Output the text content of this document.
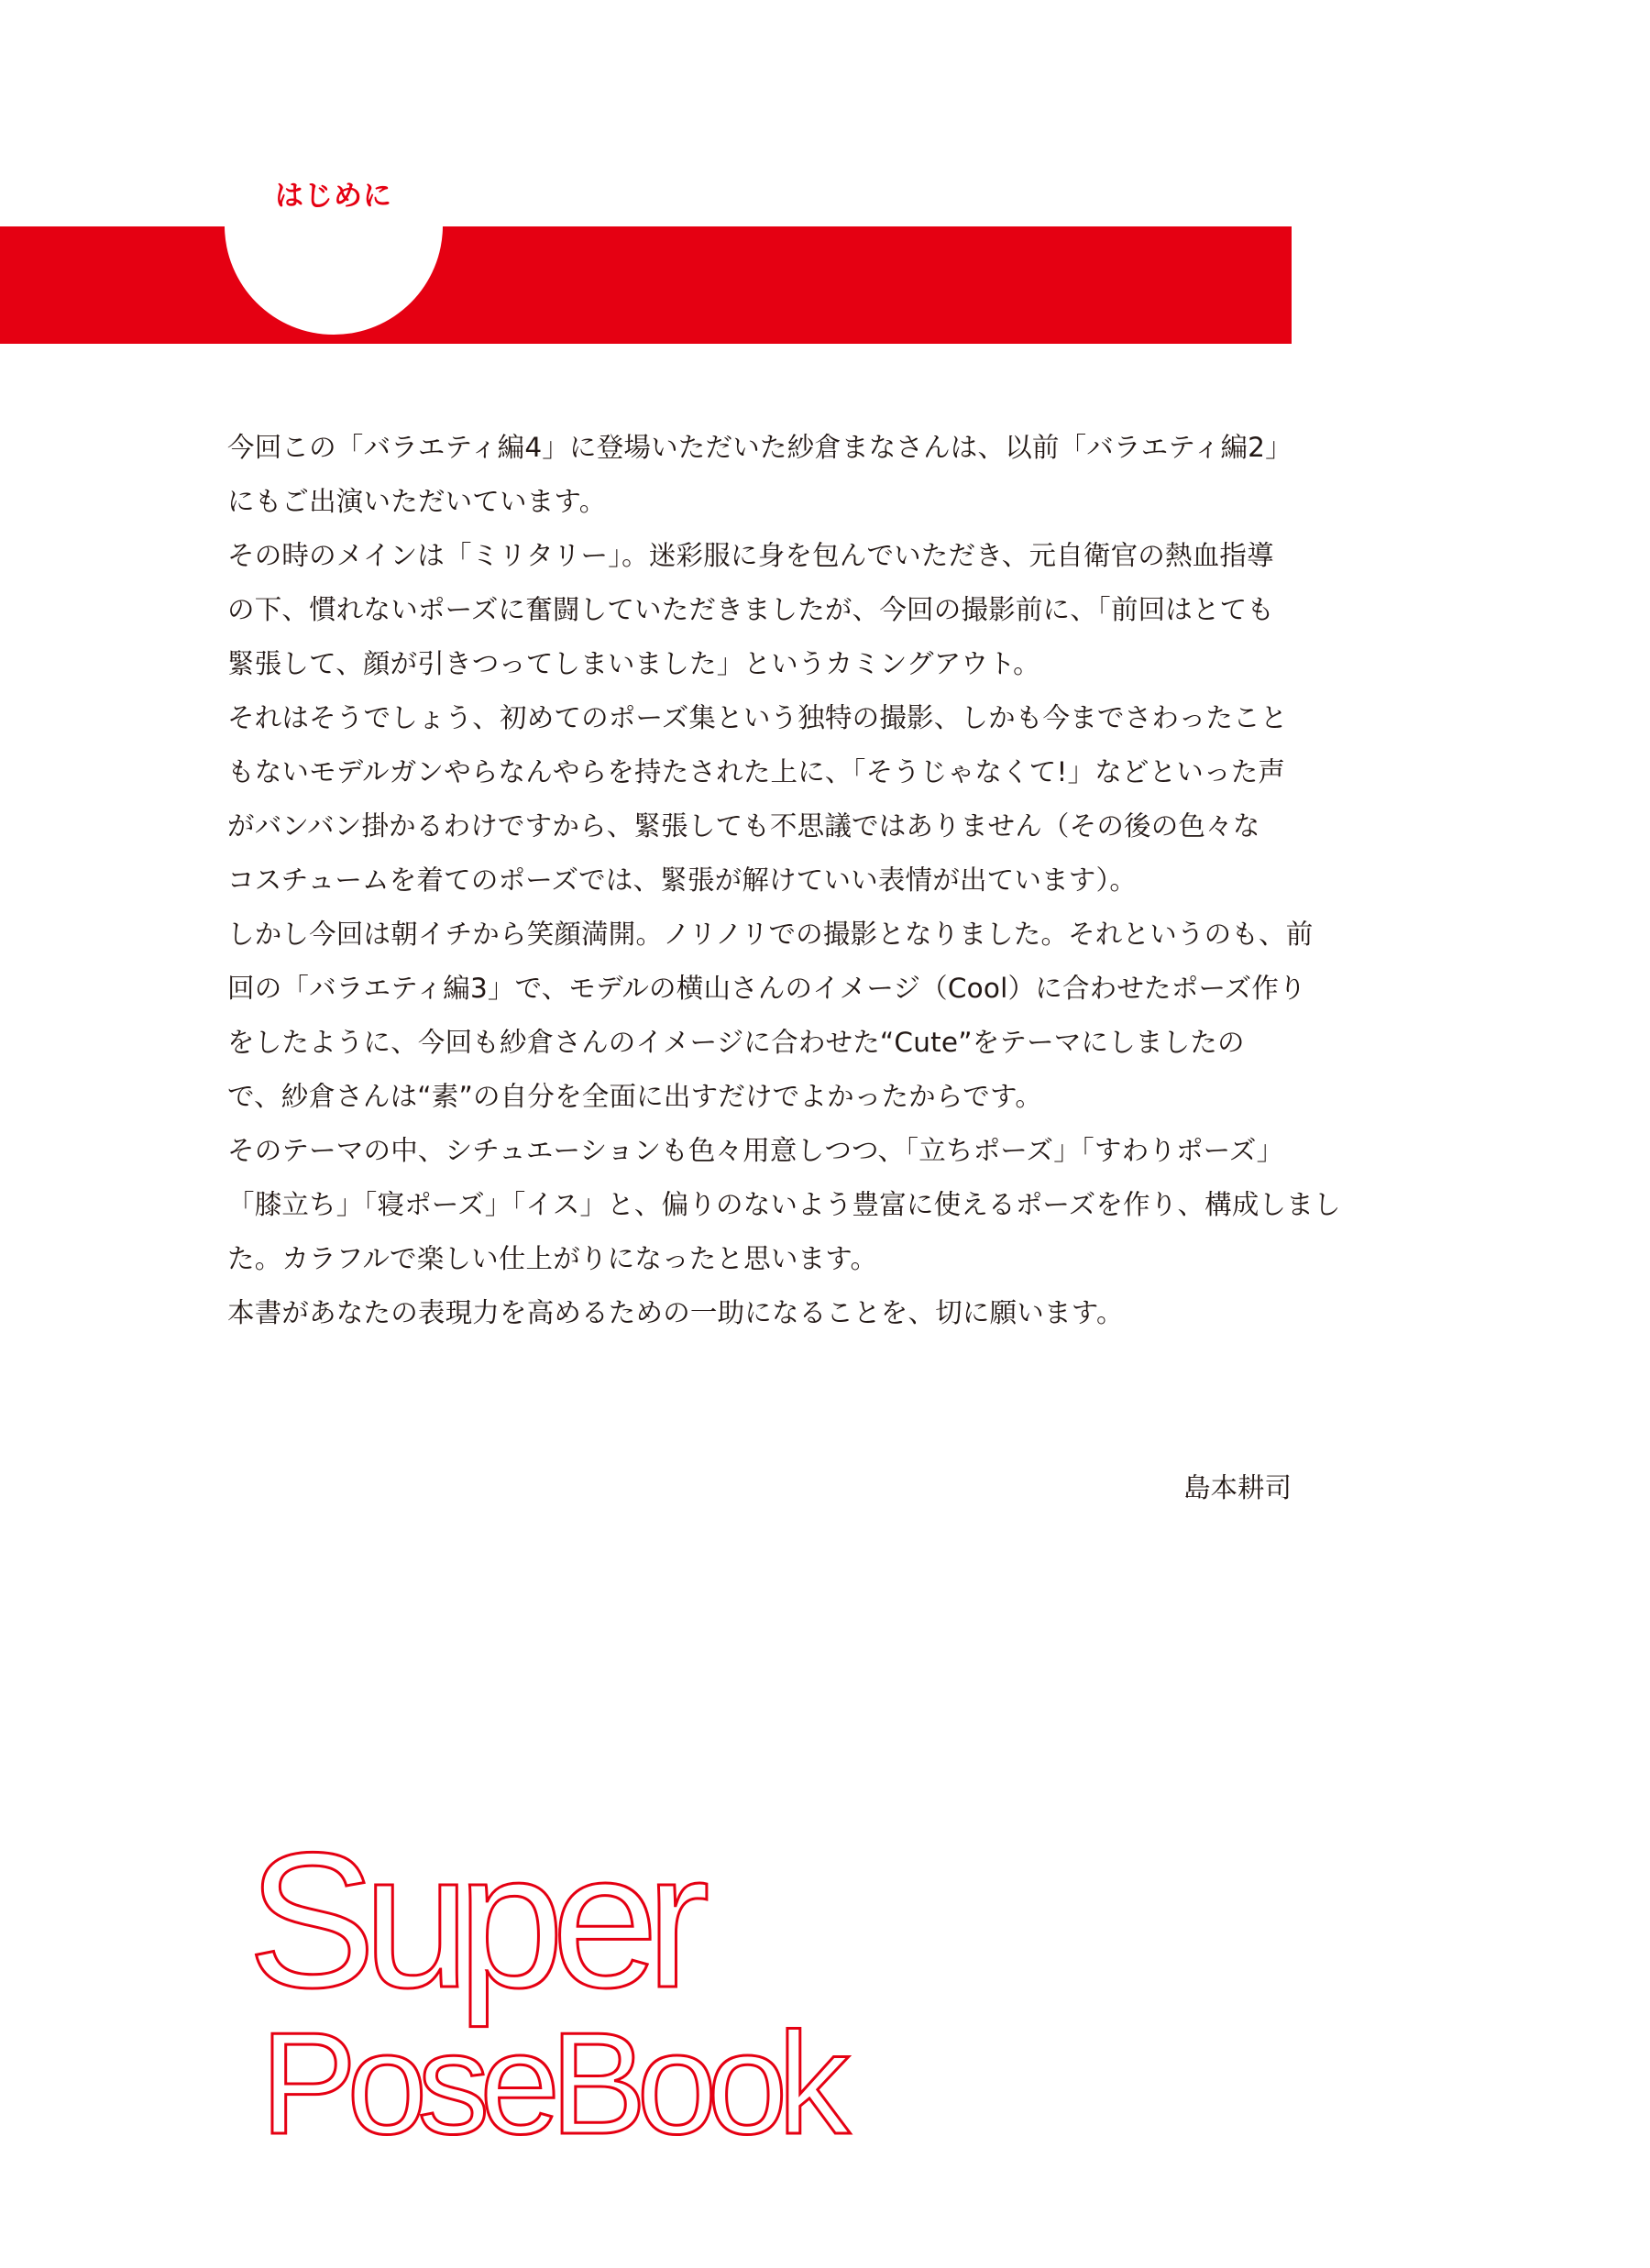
はじめに

今回この「バラエティ編4」に登場いただいた紗倉まなさんは、以前「バラエティ編2」
にもご出演いただいています。

その時のメインは「ミリタリー」。迷彩服に身を包んでいただき、元自衛官の熱血指導
の下、慣れないポーズに奮闘していただきましたが、今回の撮影前に、「前回はとても
緊張して、顔が引きつってしまいました」というカミングアウト。

それはそうでしょう、初めてのポーズ集という独特の撮影、しかも今までさわったこと
もないモデルガンやらなんやらを持たされた上に、「そうじゃなくて!」などといった声
がバンバン掛かるわけですから、緊張しても不思議ではありません（その後の色々な
コスチュームを着てのポーズでは、緊張が解けていい表情が出ています）。

しかし今回は朝イチから笑顔満開。ノリノリでの撮影となりました。それというのも、前
回の「バラエティ編3」で、モデルの横山さんのイメージ（Cool）に合わせたポーズ作り
をしたように、今回も紗倉さんのイメージに合わせた“Cute”をテーマにしましたの
で、紗倉さんは“素”の自分を全面に出すだけでよかったからです。

そのテーマの中、シチュエーションも色々用意しつつ、「立ちポーズ」「すわりポーズ」
「膝立ち」「寝ポーズ」「イス」と、偏りのないよう豊富に使えるポーズを作り、構成しまし
た。カラフルで楽しい仕上がりになったと思います。

本書があなたの表現力を高めるための一助になることを、切に願います。

島本耕司
Super
PoseBook
